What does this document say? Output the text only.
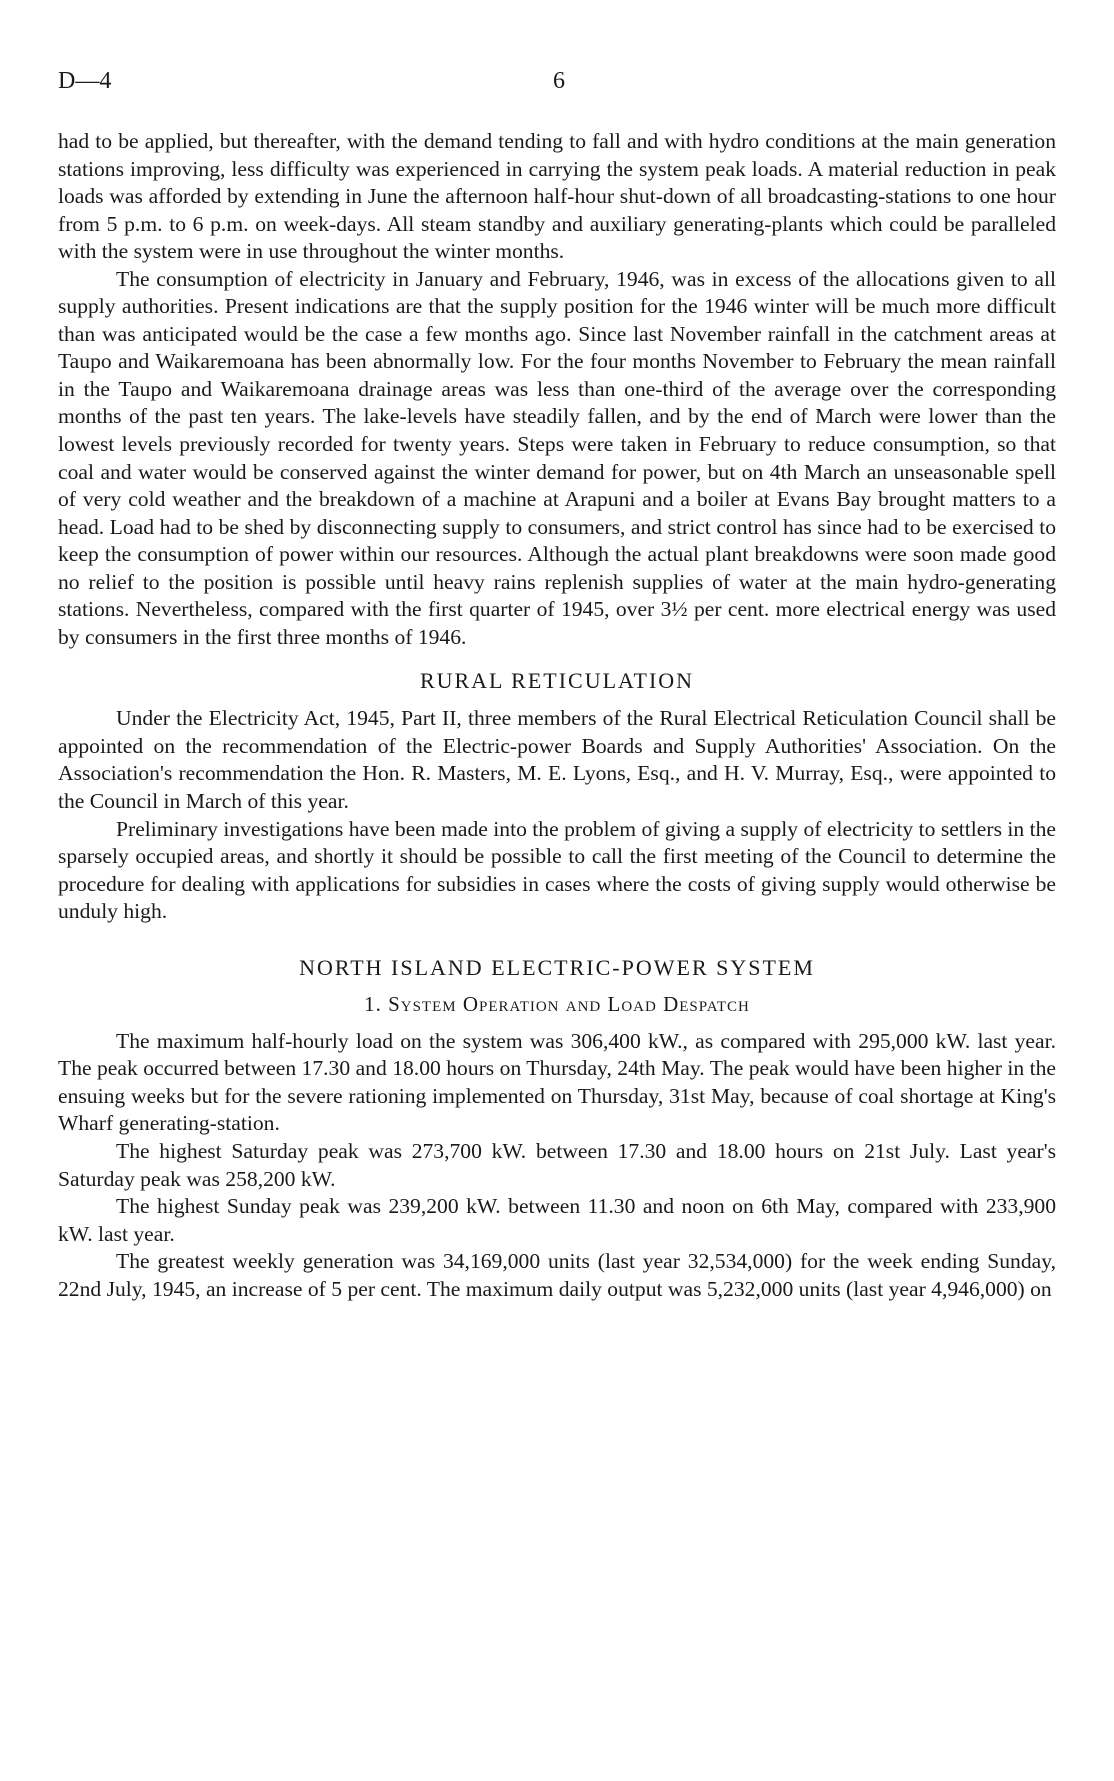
D—4	6

had to be applied, but thereafter, with the demand tending to fall and with hydro conditions at the main generation stations improving, less difficulty was experienced in carrying the system peak loads. A material reduction in peak loads was afforded by extending in June the afternoon half-hour shut-down of all broadcasting-stations to one hour from 5 p.m. to 6 p.m. on week-days. All steam standby and auxiliary generating-plants which could be paralleled with the system were in use throughout the winter months.

The consumption of electricity in January and February, 1946, was in excess of the allocations given to all supply authorities. Present indications are that the supply position for the 1946 winter will be much more difficult than was anticipated would be the case a few months ago. Since last November rainfall in the catchment areas at Taupo and Waikaremoana has been abnormally low. For the four months November to February the mean rainfall in the Taupo and Waikaremoana drainage areas was less than one-third of the average over the corresponding months of the past ten years. The lake-levels have steadily fallen, and by the end of March were lower than the lowest levels previously recorded for twenty years. Steps were taken in February to reduce consumption, so that coal and water would be conserved against the winter demand for power, but on 4th March an unseasonable spell of very cold weather and the breakdown of a machine at Arapuni and a boiler at Evans Bay brought matters to a head. Load had to be shed by disconnecting supply to consumers, and strict control has since had to be exercised to keep the consumption of power within our resources. Although the actual plant breakdowns were soon made good no relief to the position is possible until heavy rains replenish supplies of water at the main hydro-generating stations. Nevertheless, compared with the first quarter of 1945, over 3½ per cent. more electrical energy was used by consumers in the first three months of 1946.

RURAL RETICULATION

Under the Electricity Act, 1945, Part II, three members of the Rural Electrical Reticulation Council shall be appointed on the recommendation of the Electric-power Boards and Supply Authorities' Association. On the Association's recommendation the Hon. R. Masters, M. E. Lyons, Esq., and H. V. Murray, Esq., were appointed to the Council in March of this year.

Preliminary investigations have been made into the problem of giving a supply of electricity to settlers in the sparsely occupied areas, and shortly it should be possible to call the first meeting of the Council to determine the procedure for dealing with applications for subsidies in cases where the costs of giving supply would otherwise be unduly high.

NORTH ISLAND ELECTRIC-POWER SYSTEM
1. System Operation and Load Despatch

The maximum half-hourly load on the system was 306,400 kW., as compared with 295,000 kW. last year. The peak occurred between 17.30 and 18.00 hours on Thursday, 24th May. The peak would have been higher in the ensuing weeks but for the severe rationing implemented on Thursday, 31st May, because of coal shortage at King's Wharf generating-station.

The highest Saturday peak was 273,700 kW. between 17.30 and 18.00 hours on 21st July. Last year's Saturday peak was 258,200 kW.

The highest Sunday peak was 239,200 kW. between 11.30 and noon on 6th May, compared with 233,900 kW. last year.

The greatest weekly generation was 34,169,000 units (last year 32,534,000) for the week ending Sunday, 22nd July, 1945, an increase of 5 per cent. The maximum daily output was 5,232,000 units (last year 4,946,000) on
